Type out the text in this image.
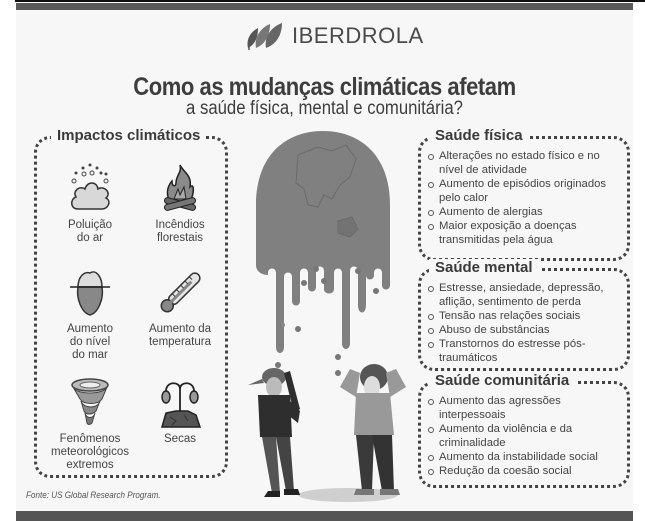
IBERDROLA
Como as mudanças climáticas afetam
a saúde física, mental e comunitária?
Impactos climáticos
Poluição
do ar
Incêndios
florestais
Aumento
do nível
do mar
Aumento da
temperatura
Fenômenos
meteorológicos
extremos
Secas
Saúde física
Alterações no estado físico e no nível de atividade
Aumento de episódios originados pelo calor
Aumento de alergias
Maior exposição a doenças transmitidas pela água
Saúde mental
Estresse, ansiedade, depressão, aflição, sentimento de perda
Tensão nas relações sociais
Abuso de substâncias
Transtornos do estresse pós-traumáticos
Saúde comunitária
Aumento das agressões interpessoais
Aumento da violência e da criminalidade
Aumento da instabilidade social
Redução da coesão social
Fonte: US Global Research Program.
